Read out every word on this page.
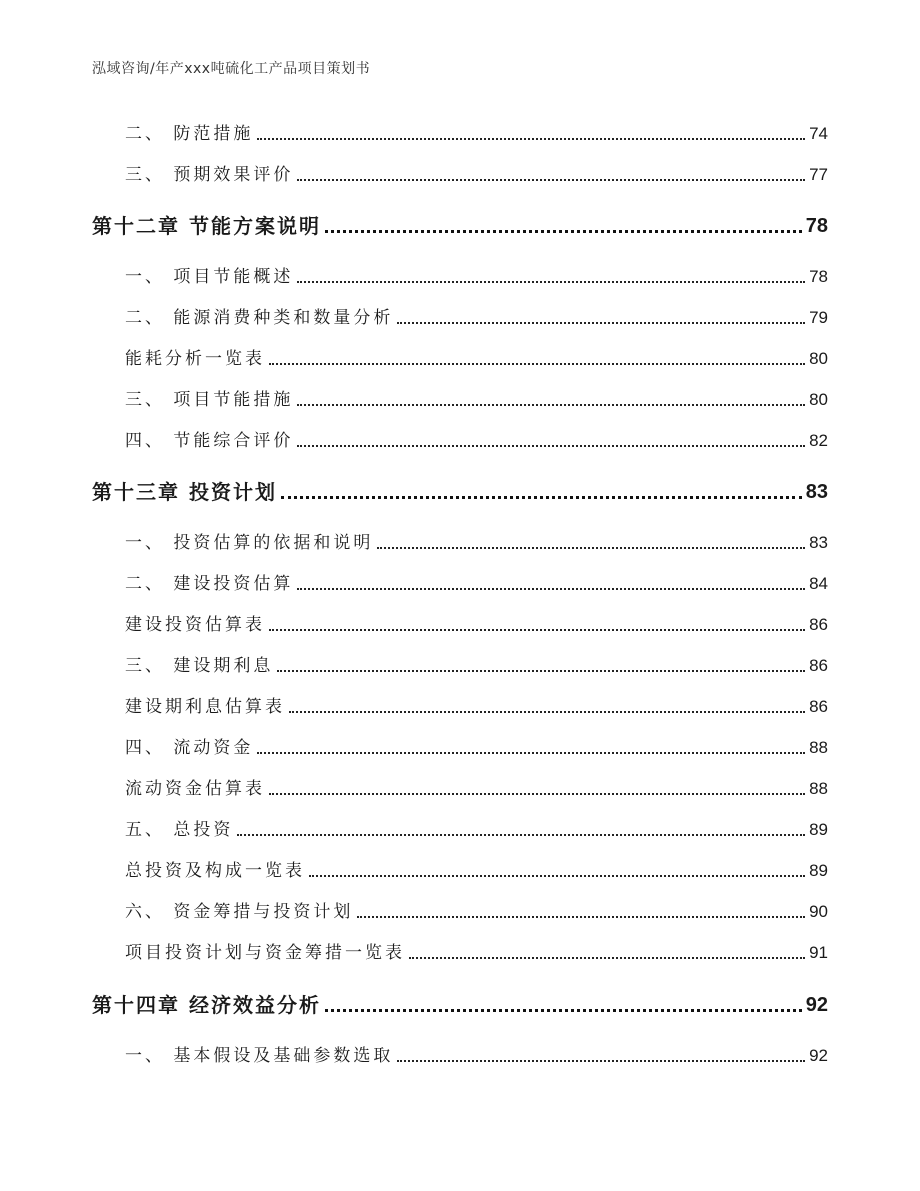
泓域咨询/年产xxx吨硫化工产品项目策划书
二、 防范措施	74
三、 预期效果评价	77
第十二章 节能方案说明	78
一、 项目节能概述	78
二、 能源消费种类和数量分析	79
能耗分析一览表	80
三、 项目节能措施	80
四、 节能综合评价	82
第十三章 投资计划	83
一、 投资估算的依据和说明	83
二、 建设投资估算	84
建设投资估算表	86
三、 建设期利息	86
建设期利息估算表	86
四、 流动资金	88
流动资金估算表	88
五、 总投资	89
总投资及构成一览表	89
六、 资金筹措与投资计划	90
项目投资计划与资金筹措一览表	91
第十四章 经济效益分析	92
一、 基本假设及基础参数选取	92
